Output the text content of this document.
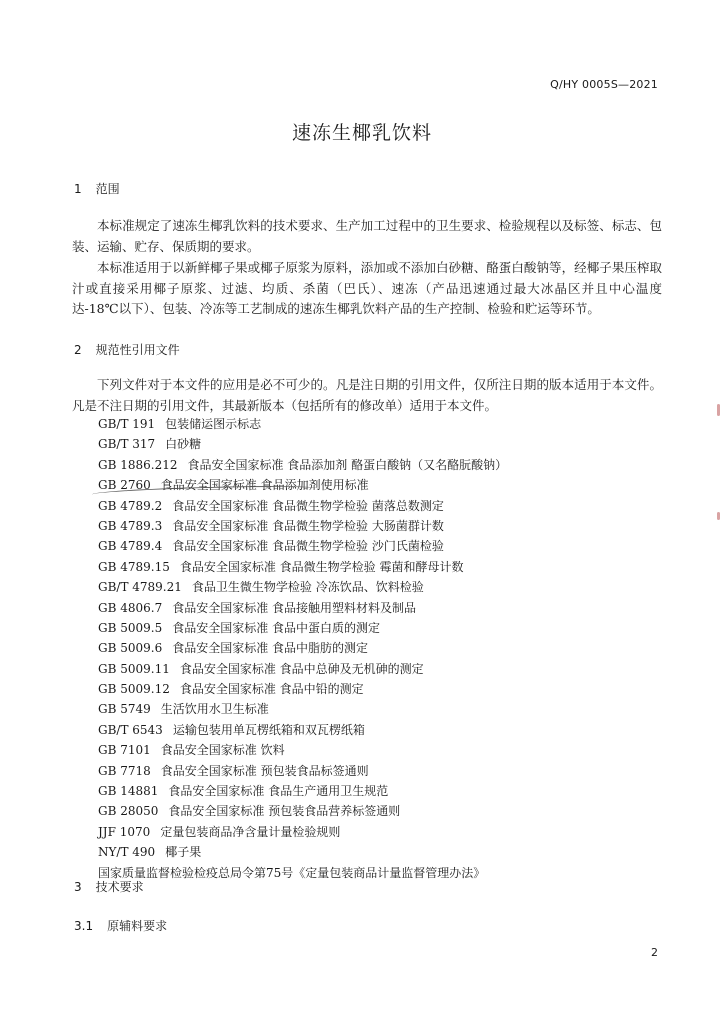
Q/HY 0005S—2021
速冻生椰乳饮料
1 范围
本标准规定了速冻生椰乳饮料的技术要求、生产加工过程中的卫生要求、检验规程以及标签、标志、包装、运输、贮存、保质期的要求。
本标准适用于以新鲜椰子果或椰子原浆为原料，添加或不添加白砂糖、酪蛋白酸钠等，经椰子果压榨取汁或直接采用椰子原浆、过滤、均质、杀菌（巴氏）、速冻（产品迅速通过最大冰晶区并且中心温度达-18℃以下）、包装、冷冻等工艺制成的速冻生椰乳饮料产品的生产控制、检验和贮运等环节。
2 规范性引用文件
下列文件对于本文件的应用是必不可少的。凡是注日期的引用文件，仅所注日期的版本适用于本文件。凡是不注日期的引用文件，其最新版本（包括所有的修改单）适用于本文件。
GB/T 191 包装储运图示标志
GB/T 317 白砂糖
GB 1886.212 食品安全国家标准 食品添加剂 酪蛋白酸钠（又名酪朊酸钠）
GB 2760 食品安全国家标准 食品添加剂使用标准
GB 4789.2 食品安全国家标准 食品微生物学检验 菌落总数测定
GB 4789.3 食品安全国家标准 食品微生物学检验 大肠菌群计数
GB 4789.4 食品安全国家标准 食品微生物学检验 沙门氏菌检验
GB 4789.15 食品安全国家标准 食品微生物学检验 霉菌和酵母计数
GB/T 4789.21 食品卫生微生物学检验 冷冻饮品、饮料检验
GB 4806.7 食品安全国家标准 食品接触用塑料材料及制品
GB 5009.5 食品安全国家标准 食品中蛋白质的测定
GB 5009.6 食品安全国家标准 食品中脂肪的测定
GB 5009.11 食品安全国家标准 食品中总砷及无机砷的测定
GB 5009.12 食品安全国家标准 食品中铅的测定
GB 5749 生活饮用水卫生标准
GB/T 6543 运输包装用单瓦楞纸箱和双瓦楞纸箱
GB 7101 食品安全国家标准 饮料
GB 7718 食品安全国家标准 预包装食品标签通则
GB 14881 食品安全国家标准 食品生产通用卫生规范
GB 28050 食品安全国家标准 预包装食品营养标签通则
JJF 1070 定量包装商品净含量计量检验规则
NY/T 490 椰子果
国家质量监督检验检疫总局令第75号《定量包装商品计量监督管理办法》
3 技术要求
3.1 原辅料要求
2
